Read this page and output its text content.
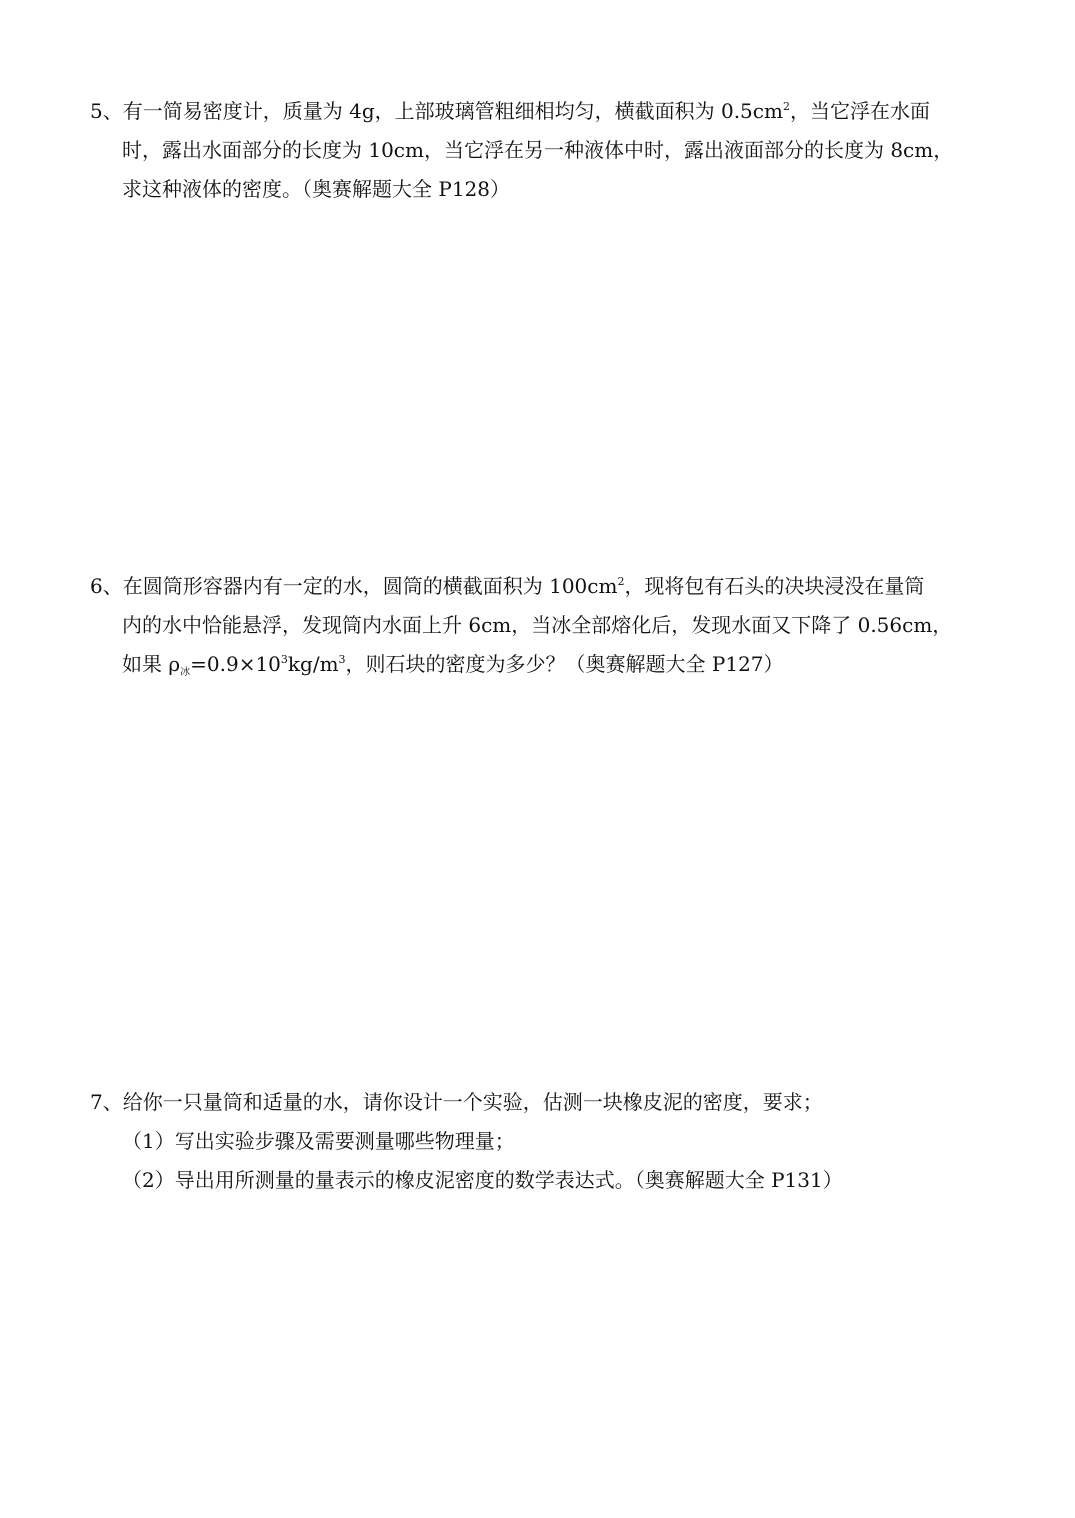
5、有一简易密度计，质量为 4g，上部玻璃管粗细相均匀，横截面积为 $0.5cm^2$，当它浮在水面
时，露出水面部分的长度为 10cm，当它浮在另一种液体中时，露出液面部分的长度为 8cm，
求这种液体的密度。（奥赛解题大全 P128）
6、在圆筒形容器内有一定的水，圆筒的横截面积为 $100cm^2$，现将包有石头的决块浸没在量筒
内的水中恰能悬浮，发现筒内水面上升 6cm，当冰全部熔化后，发现水面又下降了 0.56cm，
如果 $\rho_冰=0.9\times 10^3kg/m^3$，则石块的密度为多少？（奥赛解题大全 P127）
7、给你一只量筒和适量的水，请你设计一个实验，估测一块橡皮泥的密度，要求；
（1）写出实验步骤及需要测量哪些物理量；
（2）导出用所测量的量表示的橡皮泥密度的数学表达式。（奥赛解题大全 P131）
